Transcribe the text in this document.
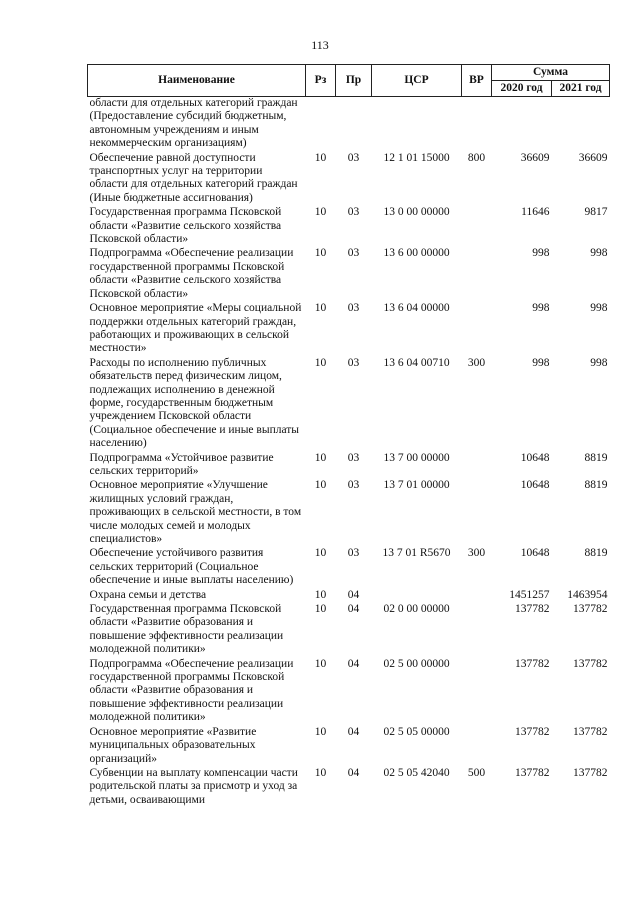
113
Наименование	Рз	Пр	ЦСР	ВР	Сумма	
					2020 год	2021 год
области для отдельных категорий граждан (Предоставление субсидий бюджетным, автономным учреждениям и иным некоммерческим организациям)						
Обеспечение равной доступности транспортных услуг на территории области для отдельных категорий граждан (Иные бюджетные ассигнования)	10	03	12 1 01 15000	800	36609	36609
Государственная программа Псковской области «Развитие сельского хозяйства Псковской области»	10	03	13 0 00 00000		11646	9817
Подпрограмма «Обеспечение реализации государственной программы Псковской области «Развитие сельского хозяйства Псковской области»	10	03	13 6 00 00000		998	998
Основное мероприятие «Меры социальной поддержки отдельных категорий граждан, работающих и проживающих в сельской местности»	10	03	13 6 04 00000		998	998
Расходы по исполнению публичных обязательств перед физическим лицом, подлежащих исполнению в денежной форме, государственным бюджетным учреждением Псковской области (Социальное обеспечение и иные выплаты населению)	10	03	13 6 04 00710	300	998	998
Подпрограмма «Устойчивое развитие сельских территорий»	10	03	13 7 00 00000		10648	8819
Основное мероприятие «Улучшение жилищных условий граждан, проживающих в сельской местности, в том числе молодых семей и молодых специалистов»	10	03	13 7 01 00000		10648	8819
Обеспечение устойчивого развития сельских территорий (Социальное обеспечение и иные выплаты населению)	10	03	13 7 01 R5670	300	10648	8819
Охрана семьи и детства	10	04			1451257	1463954
Государственная программа Псковской области «Развитие образования и повышение эффективности реализации молодежной политики»	10	04	02 0 00 00000		137782	137782
Подпрограмма «Обеспечение реализации государственной программы Псковской области «Развитие образования и повышение эффективности реализации молодежной политики»	10	04	02 5 00 00000		137782	137782
Основное мероприятие «Развитие муниципальных образовательных организаций»	10	04	02 5 05 00000		137782	137782
Субвенции на выплату компенсации части родительской платы за присмотр и уход за детьми, осваивающими	10	04	02 5 05 42040	500	137782	137782
